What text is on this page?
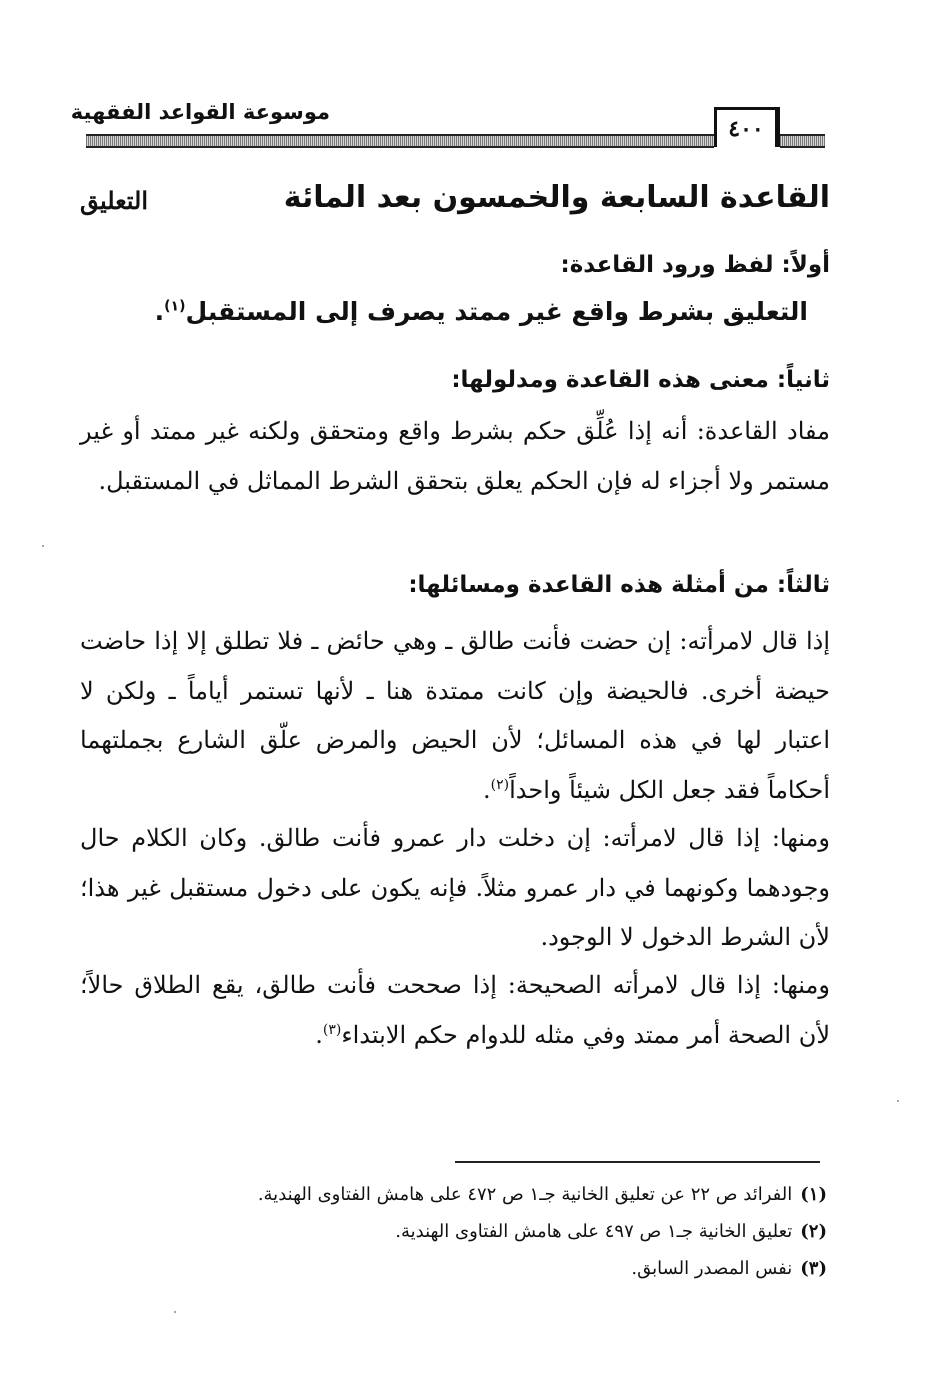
موسوعة القواعد الفقهية
٤٠٠
القاعدة السابعة والخمسون بعد المائة
التعليق
أولاً: لفظ ورود القاعدة:
التعليق بشرط واقع غير ممتد يصرف إلى المستقبل$^{(١)}$.
ثانياً: معنى هذه القاعدة ومدلولها:

مفاد القاعدة: أنه إذا عُلِّق حكم بشرط واقع ومتحقق ولكنه غير ممتد أو غير مستمر ولا أجزاء له فإن الحكم يعلق بتحقق الشرط المماثل في المستقبل.

ثالثاً: من أمثلة هذه القاعدة ومسائلها:

إذا قال لامرأته: إن حضت فأنت طالق ـ وهي حائض ـ فلا تطلق إلا إذا حاضت حيضة أخرى. فالحيضة وإن كانت ممتدة هنا ـ لأنها تستمر أياماً ـ ولكن لا اعتبار لها في هذه المسائل؛ لأن الحيض والمرض علّق الشارع بجملتهما أحكاماً فقد جعل الكل شيئاً واحداً$^{(٢)}$.

ومنها: إذا قال لامرأته: إن دخلت دار عمرو فأنت طالق. وكان الكلام حال وجودهما وكونهما في دار عمرو مثلاً. فإنه يكون على دخول مستقبل غير هذا؛ لأن الشرط الدخول لا الوجود.

ومنها: إذا قال لامرأته الصحيحة: إذا صححت فأنت طالق، يقع الطلاق حالاً؛ لأن الصحة أمر ممتد وفي مثله للدوام حكم الابتداء$^{(٣)}$.

(١)الفرائد ص ٢٢ عن تعليق الخانية جـ١ ص ٤٧٢ على هامش الفتاوى الهندية.

(٢)تعليق الخانية جـ١ ص ٤٩٧ على هامش الفتاوى الهندية.

(٣)نفس المصدر السابق.
